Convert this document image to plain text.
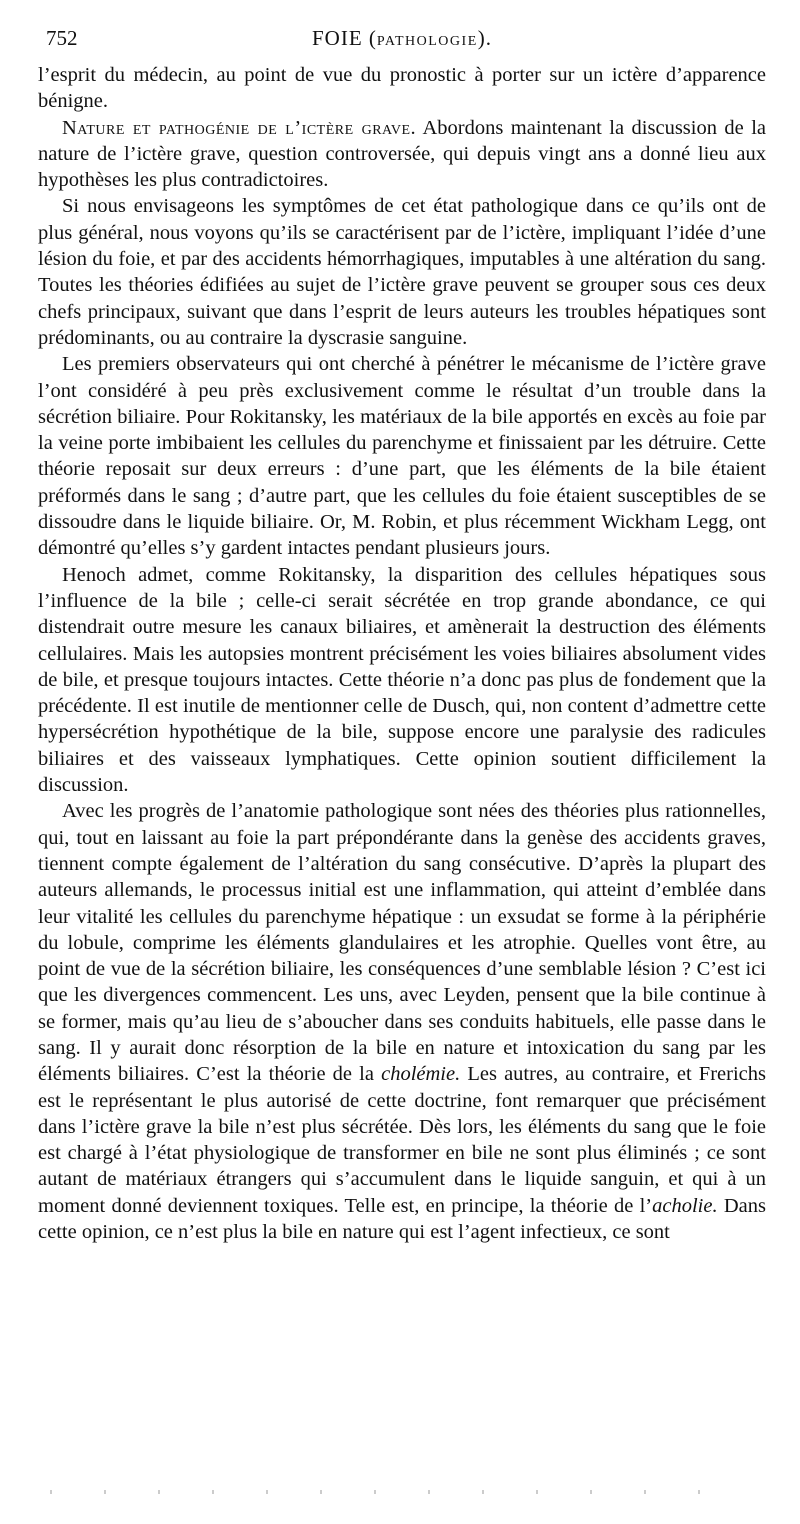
752	FOIE (PATHOLOGIE).

l’esprit du médecin, au point de vue du pronostic à porter sur un ictère d’apparence bénigne.

Nature et pathogénie de l’ictère grave. Abordons maintenant la discussion de la nature de l’ictère grave, question controversée, qui depuis vingt ans a donné lieu aux hypothèses les plus contradictoires.

Si nous envisageons les symptômes de cet état pathologique dans ce qu’ils ont de plus général, nous voyons qu’ils se caractérisent par de l’ictère, impliquant l’idée d’une lésion du foie, et par des accidents hémorrhagiques, imputables à une altération du sang. Toutes les théories édifiées au sujet de l’ictère grave peuvent se grouper sous ces deux chefs principaux, suivant que dans l’esprit de leurs auteurs les troubles hépatiques sont prédominants, ou au contraire la dyscrasie sanguine.

Les premiers observateurs qui ont cherché à pénétrer le mécanisme de l’ictère grave l’ont considéré à peu près exclusivement comme le résultat d’un trouble dans la sécrétion biliaire. Pour Rokitansky, les matériaux de la bile apportés en excès au foie par la veine porte imbibaient les cellules du parenchyme et finissaient par les détruire. Cette théorie reposait sur deux erreurs : d’une part, que les éléments de la bile étaient préformés dans le sang ; d’autre part, que les cellules du foie étaient susceptibles de se dissoudre dans le liquide biliaire. Or, M. Robin, et plus récemment Wickham Legg, ont démontré qu’elles s’y gardent intactes pendant plusieurs jours.

Henoch admet, comme Rokitansky, la disparition des cellules hépatiques sous l’influence de la bile ; celle-ci serait sécrétée en trop grande abondance, ce qui distendrait outre mesure les canaux biliaires, et amènerait la destruction des éléments cellulaires. Mais les autopsies montrent précisément les voies biliaires absolument vides de bile, et presque toujours intactes. Cette théorie n’a donc pas plus de fondement que la précédente. Il est inutile de mentionner celle de Dusch, qui, non content d’admettre cette hypersécrétion hypothétique de la bile, suppose encore une paralysie des radicules biliaires et des vaisseaux lymphatiques. Cette opinion soutient difficilement la discussion.

Avec les progrès de l’anatomie pathologique sont nées des théories plus rationnelles, qui, tout en laissant au foie la part prépondérante dans la genèse des accidents graves, tiennent compte également de l’altération du sang consécutive. D’après la plupart des auteurs allemands, le processus initial est une inflammation, qui atteint d’emblée dans leur vitalité les cellules du parenchyme hépatique : un exsudat se forme à la périphérie du lobule, comprime les éléments glandulaires et les atrophie. Quelles vont être, au point de vue de la sécrétion biliaire, les conséquences d’une semblable lésion ? C’est ici que les divergences commencent. Les uns, avec Leyden, pensent que la bile continue à se former, mais qu’au lieu de s’aboucher dans ses conduits habituels, elle passe dans le sang. Il y aurait donc résorption de la bile en nature et intoxication du sang par les éléments biliaires. C’est la théorie de la cholémie. Les autres, au contraire, et Frerichs est le représentant le plus autorisé de cette doctrine, font remarquer que précisément dans l’ictère grave la bile n’est plus sécrétée. Dès lors, les éléments du sang que le foie est chargé à l’état physiologique de transformer en bile ne sont plus éliminés ; ce sont autant de matériaux étrangers qui s’accumulent dans le liquide sanguin, et qui à un moment donné deviennent toxiques. Telle est, en principe, la théorie de l’acholie. Dans cette opinion, ce n’est plus la bile en nature qui est l’agent infectieux, ce sont
